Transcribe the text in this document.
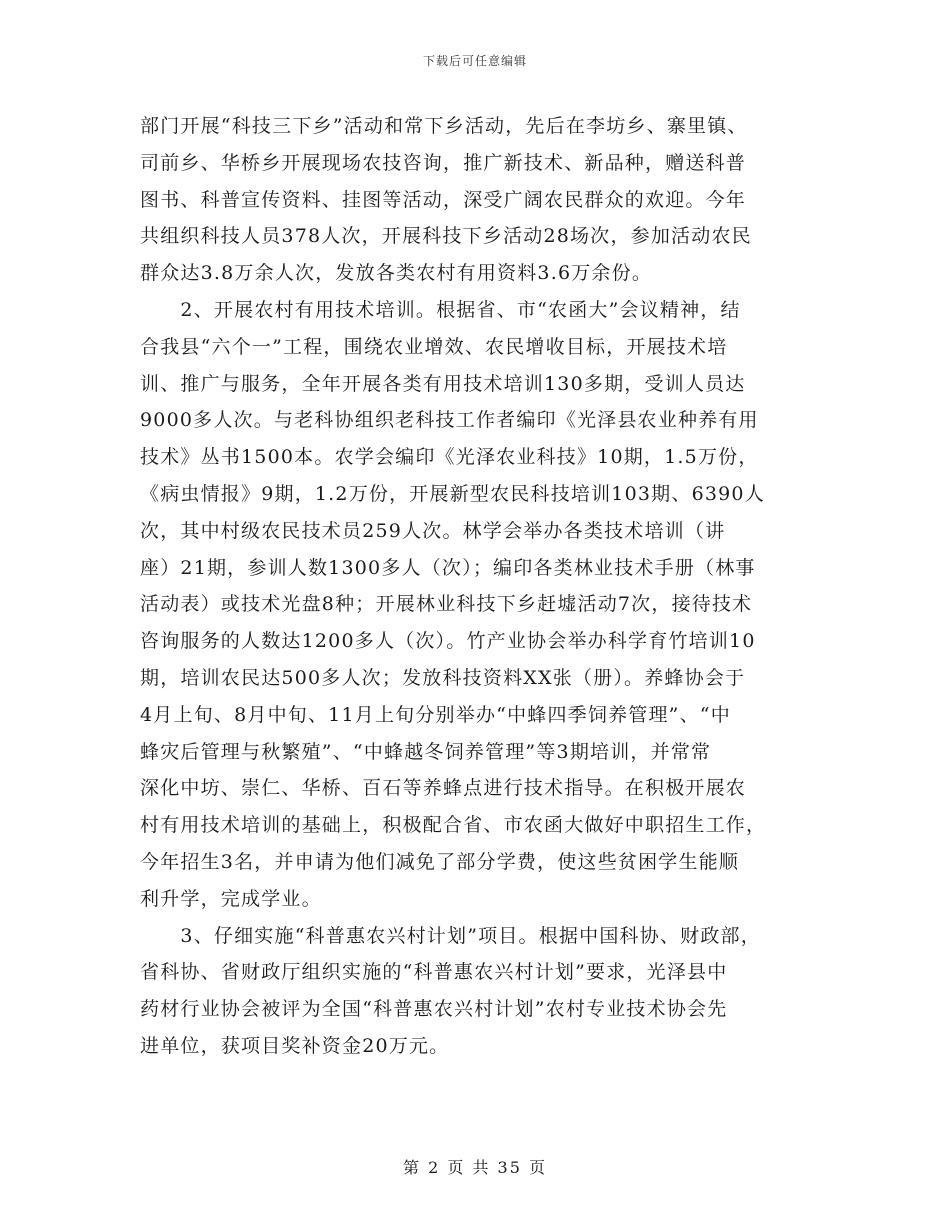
下载后可任意编辑
部门开展“科技三下乡”活动和常下乡活动，先后在李坊乡、寨里镇、
司前乡、华桥乡开展现场农技咨询，推广新技术、新品种，赠送科普
图书、科普宣传资料、挂图等活动，深受广阔农民群众的欢迎。今年
共组织科技人员378人次，开展科技下乡活动28场次，参加活动农民
群众达3.8万余人次，发放各类农村有用资料3.6万余份。
　　2、开展农村有用技术培训。根据省、市“农函大”会议精神，结
合我县“六个一”工程，围绕农业增效、农民增收目标，开展技术培
训、推广与服务，全年开展各类有用技术培训130多期，受训人员达
9000多人次。与老科协组织老科技工作者编印《光泽县农业种养有用
技术》丛书1500本。农学会编印《光泽农业科技》10期，1.5万份，
《病虫情报》9期，1.2万份，开展新型农民科技培训103期、6390人
次，其中村级农民技术员259人次。林学会举办各类技术培训（讲
座）21期，参训人数1300多人（次）；编印各类林业技术手册（林事
活动表）或技术光盘8种；开展林业科技下乡赶墟活动7次，接待技术
咨询服务的人数达1200多人（次）。竹产业协会举办科学育竹培训10
期，培训农民达500多人次；发放科技资料XX张（册）。养蜂协会于
4月上旬、8月中旬、11月上旬分别举办“中蜂四季饲养管理”、“中
蜂灾后管理与秋繁殖”、“中蜂越冬饲养管理”等3期培训，并常常
深化中坊、崇仁、华桥、百石等养蜂点进行技术指导。在积极开展农
村有用技术培训的基础上，积极配合省、市农函大做好中职招生工作，
今年招生3名，并申请为他们减免了部分学费，使这些贫困学生能顺
利升学，完成学业。
　　3、仔细实施“科普惠农兴村计划”项目。根据中国科协、财政部，
省科协、省财政厅组织实施的“科普惠农兴村计划”要求，光泽县中
药材行业协会被评为全国“科普惠农兴村计划”农村专业技术协会先
进单位，获项目奖补资金20万元。
第 2 页 共 35 页
